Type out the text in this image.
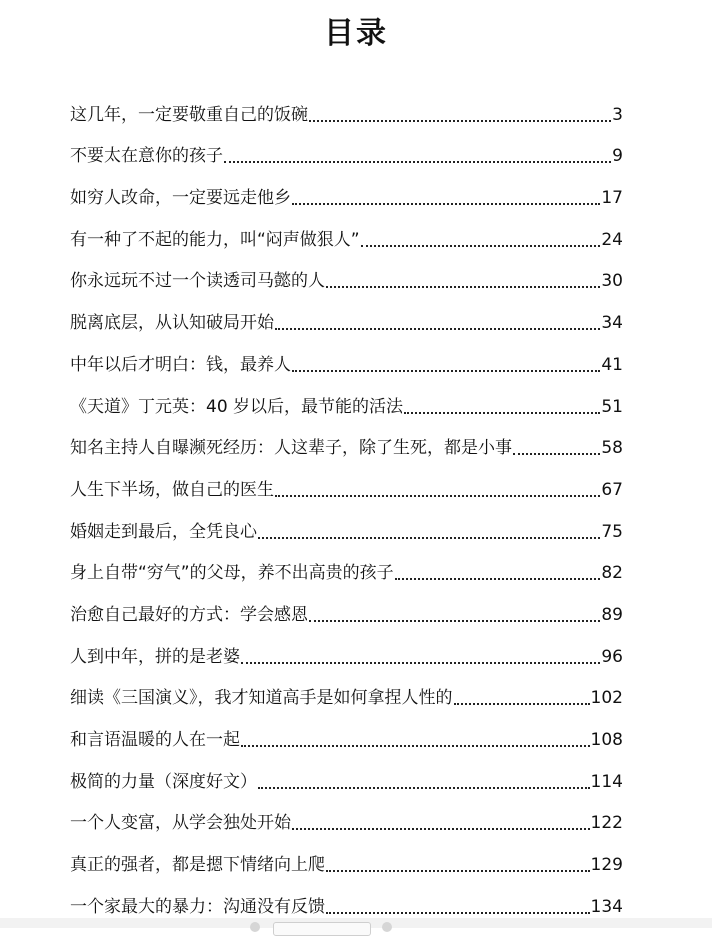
目录
这几年，一定要敬重自己的饭碗	3
不要太在意你的孩子	9
如穷人改命，一定要远走他乡	17
有一种了不起的能力，叫“闷声做狠人”	24
你永远玩不过一个读透司马懿的人	30
脱离底层，从认知破局开始	34
中年以后才明白：钱，最养人	41
《天道》丁元英：40 岁以后，最节能的活法	51
知名主持人自曝濒死经历：人这辈子，除了生死，都是小事	58
人生下半场，做自己的医生	67
婚姻走到最后，全凭良心	75
身上自带“穷气”的父母，养不出高贵的孩子	82
治愈自己最好的方式：学会感恩	89
人到中年，拼的是老婆	96
细读《三国演义》，我才知道高手是如何拿捏人性的	102
和言语温暖的人在一起	108
极简的力量（深度好文）	114
一个人变富，从学会独处开始	122
真正的强者，都是摁下情绪向上爬	129
一个家最大的暴力：沟通没有反馈	134
